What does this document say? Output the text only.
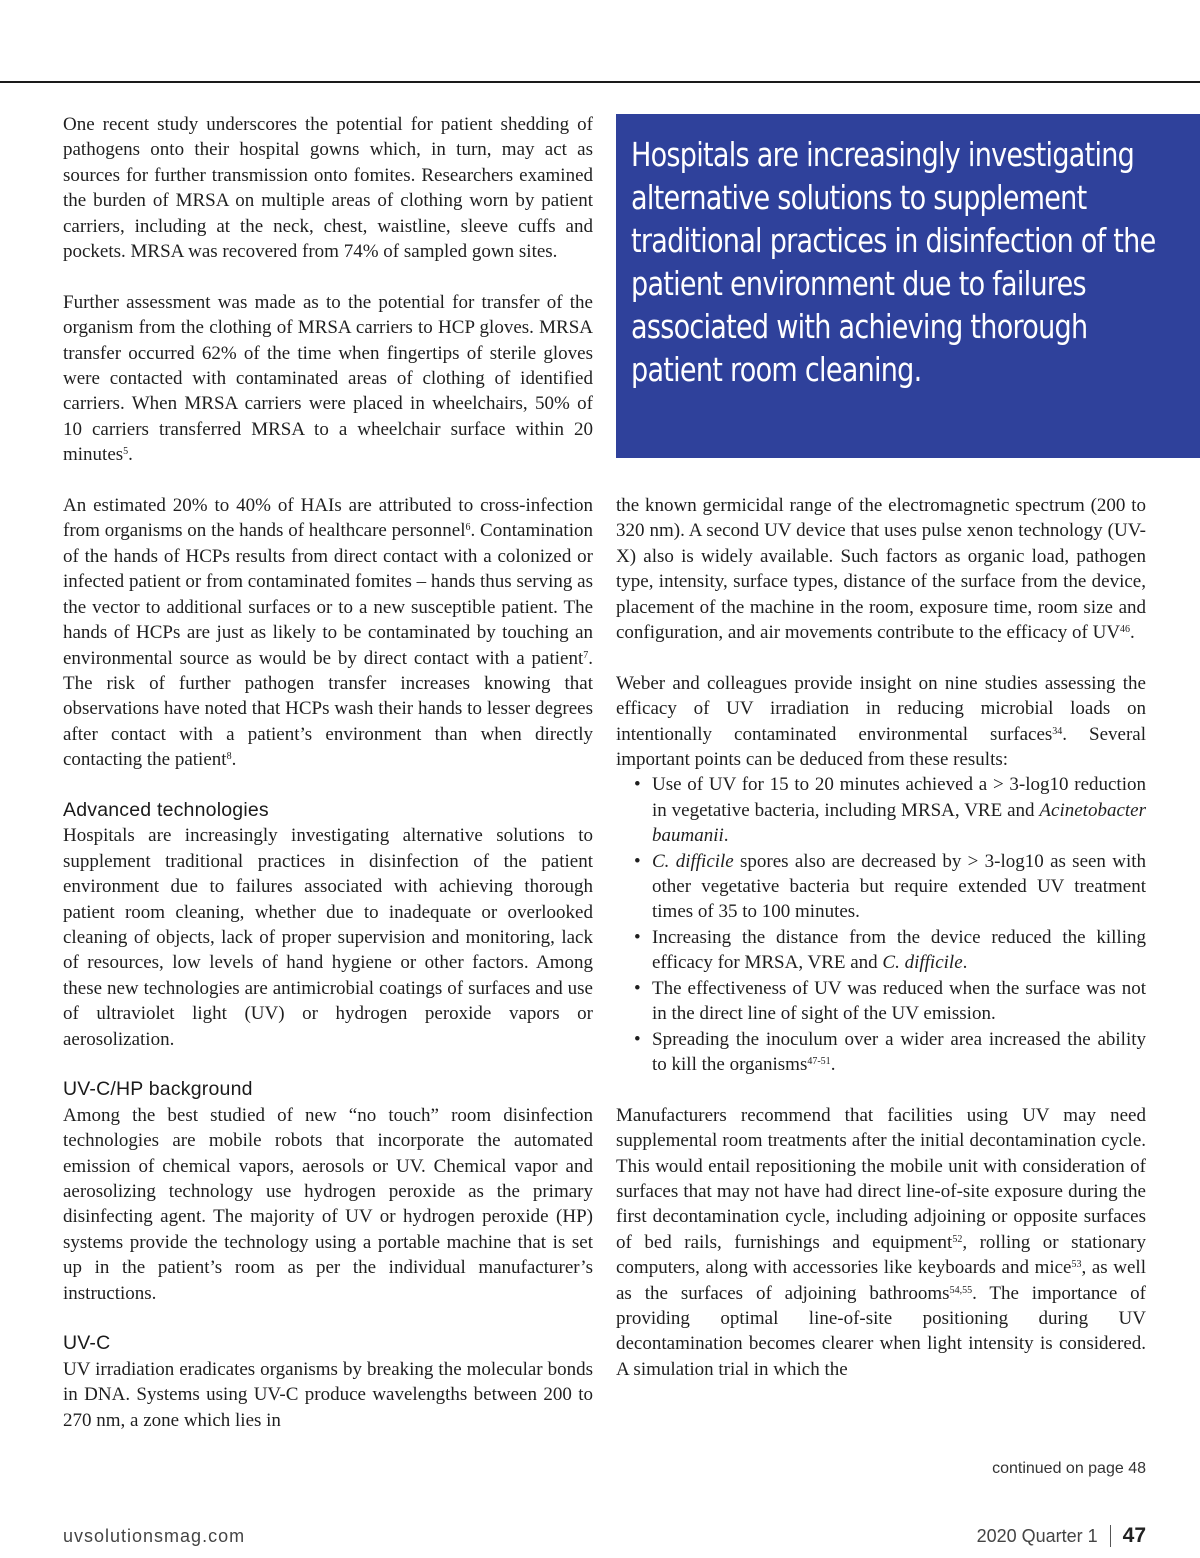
One recent study underscores the potential for patient shedding of pathogens onto their hospital gowns which, in turn, may act as sources for further transmission onto fomites. Researchers examined the burden of MRSA on multiple areas of clothing worn by patient carriers, including at the neck, chest, waistline, sleeve cuffs and pockets. MRSA was recovered from 74% of sampled gown sites.

Further assessment was made as to the potential for transfer of the organism from the clothing of MRSA carriers to HCP gloves. MRSA transfer occurred 62% of the time when fingertips of sterile gloves were contacted with contaminated areas of clothing of identified carriers. When MRSA carriers were placed in wheelchairs, 50% of 10 carriers transferred MRSA to a wheelchair surface within 20 minutes$^5$.

An estimated 20% to 40% of HAIs are attributed to cross-infection from organisms on the hands of healthcare personnel$^6$. Contamination of the hands of HCPs results from direct contact with a colonized or infected patient or from contaminated fomites – hands thus serving as the vector to additional surfaces or to a new susceptible patient. The hands of HCPs are just as likely to be contaminated by touching an environmental source as would be by direct contact with a patient$^7$. The risk of further pathogen transfer increases knowing that observations have noted that HCPs wash their hands to lesser degrees after contact with a patient’s environment than when directly contacting the patient$^8$.

Advanced technologies

Hospitals are increasingly investigating alternative solutions to supplement traditional practices in disinfection of the patient environment due to failures associated with achieving thorough patient room cleaning, whether due to inadequate or overlooked cleaning of objects, lack of proper supervision and monitoring, lack of resources, low levels of hand hygiene or other factors. Among these new technologies are antimicrobial coatings of surfaces and use of ultraviolet light (UV) or hydrogen peroxide vapors or aerosolization.

UV-C/HP background

Among the best studied of new “no touch” room disinfection technologies are mobile robots that incorporate the automated emission of chemical vapors, aerosols or UV. Chemical vapor and aerosolizing technology use hydrogen peroxide as the primary disinfecting agent. The majority of UV or hydrogen peroxide (HP) systems provide the technology using a portable machine that is set up in the patient’s room as per the individual manufacturer’s instructions.

UV-C

UV irradiation eradicates organisms by breaking the molecular bonds in DNA. Systems using UV-C produce wavelengths between 200 to 270 nm, a zone which lies in

Hospitals are increasingly investigating alternative solutions to supplement traditional practices in disinfection of the patient environment due to failures associated with achieving thorough patient room cleaning.

the known germicidal range of the electromagnetic spectrum (200 to 320 nm). A second UV device that uses pulse xenon technology (UV-X) also is widely available. Such factors as organic load, pathogen type, intensity, surface types, distance of the surface from the device, placement of the machine in the room, exposure time, room size and configuration, and air movements contribute to the efficacy of UV$^{46}$.

Weber and colleagues provide insight on nine studies assessing the efficacy of UV irradiation in reducing microbial loads on intentionally contaminated environmental surfaces$^{34}$. Several important points can be deduced from these results:

• Use of UV for 15 to 20 minutes achieved a > 3-log10 reduction in vegetative bacteria, including MRSA, VRE and Acinetobacter baumanii.
• C. difficile spores also are decreased by > 3-log10 as seen with other vegetative bacteria but require extended UV treatment times of 35 to 100 minutes.
• Increasing the distance from the device reduced the killing efficacy for MRSA, VRE and C. difficile.
• The effectiveness of UV was reduced when the surface was not in the direct line of sight of the UV emission.
• Spreading the inoculum over a wider area increased the ability to kill the organisms$^{47-51}$.

Manufacturers recommend that facilities using UV may need supplemental room treatments after the initial decontamination cycle. This would entail repositioning the mobile unit with consideration of surfaces that may not have had direct line-of-site exposure during the first decontamination cycle, including adjoining or opposite surfaces of bed rails, furnishings and equipment$^{52}$, rolling or stationary computers, along with accessories like keyboards and mice$^{53}$, as well as the surfaces of adjoining bathrooms$^{54,55}$. The importance of providing optimal line-of-site positioning during UV decontamination becomes clearer when light intensity is considered. A simulation trial in which the

continued on page 48
uvsolutionsmag.com	2020 Quarter 1 47
